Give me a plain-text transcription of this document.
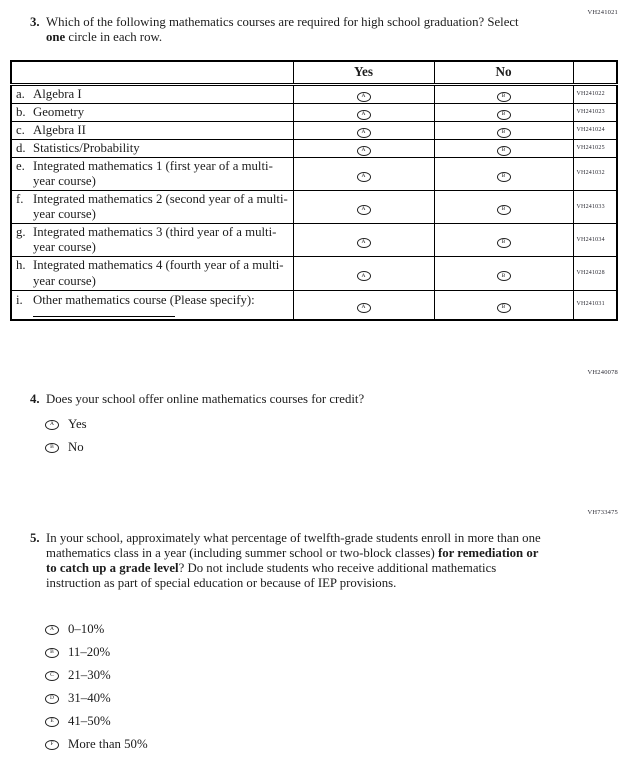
VH241021
3. Which of the following mathematics courses are required for high school graduation? Select one circle in each row.
	Yes	No	

a. Algebra I	A	B	VH241022

b. Geometry	A	B	VH241023

c. Algebra II	A	B	VH241024

d. Statistics/Probability	A	B	VH241025

e. Integrated mathematics 1 (first year of a multi-year course)	A	B	VH241032

f. Integrated mathematics 2 (second year of a multi-year course)	A	B	VH241033

g. Integrated mathematics 3 (third year of a multi-year course)	A	B	VH241034

h. Integrated mathematics 4 (fourth year of a multi-year course)	A	B	VH241028

i. Other mathematics course (Please specify):	A	B	VH241031
VH240078
4. Does your school offer online mathematics courses for credit?
A Yes
B No
VH733475
5. In your school, approximately what percentage of twelfth-grade students enroll in more than one mathematics class in a year (including summer school or two-block classes) for remediation or to catch up a grade level? Do not include students who receive additional mathematics instruction as part of special education or because of IEP provisions.
A 0–10%
B 11–20%
C 21–30%
D 31–40%
E 41–50%
F More than 50%
